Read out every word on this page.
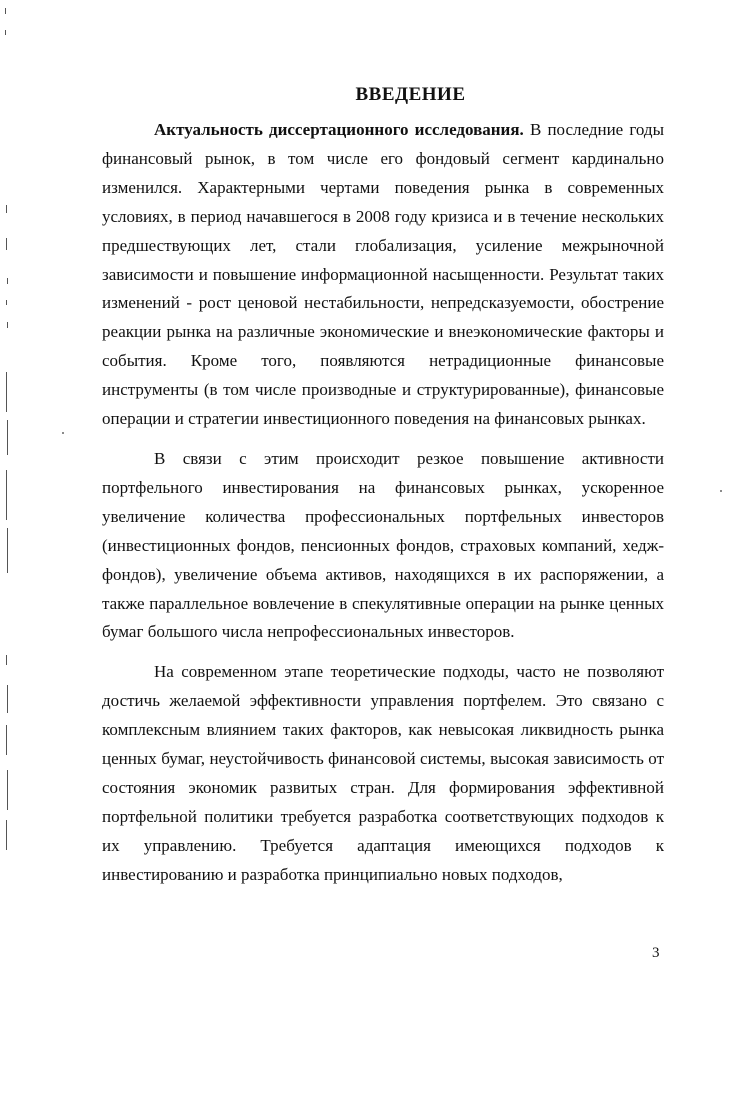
ВВЕДЕНИЕ

Актуальность диссертационного исследования. В последние годы финансовый рынок, в том числе его фондовый сегмент кардинально изменился. Характерными чертами поведения рынка в современных условиях, в период начавшегося в 2008 году кризиса и в течение нескольких предшествующих лет, стали глобализация, усиление межрыночной зависимости и повышение информационной насыщенности. Результат таких изменений - рост ценовой нестабильности, непредсказуемости, обострение реакции рынка на различные экономические и внеэкономические факторы и события. Кроме того, появляются нетрадиционные финансовые инструменты (в том числе производные и структурированные), финансовые операции и стратегии инвестиционного поведения на финансовых рынках.

В связи с этим происходит резкое повышение активности портфельного инвестирования на финансовых рынках, ускоренное увеличение количества профессиональных портфельных инвесторов (инвестиционных фондов, пенсионных фондов, страховых компаний, хедж-фондов), увеличение объема активов, находящихся в их распоряжении, а также параллельное вовлечение в спекулятивные операции на рынке ценных бумаг большого числа непрофессиональных инвесторов.

На современном этапе теоретические подходы, часто не позволяют достичь желаемой эффективности управления портфелем. Это связано с комплексным влиянием таких факторов, как невысокая ликвидность рынка ценных бумаг, неустойчивость финансовой системы, высокая зависимость от состояния экономик развитых стран. Для формирования эффективной портфельной политики требуется разработка соответствующих подходов к их управлению. Требуется адаптация имеющихся подходов к инвестированию и разработка принципиально новых подходов,

3
